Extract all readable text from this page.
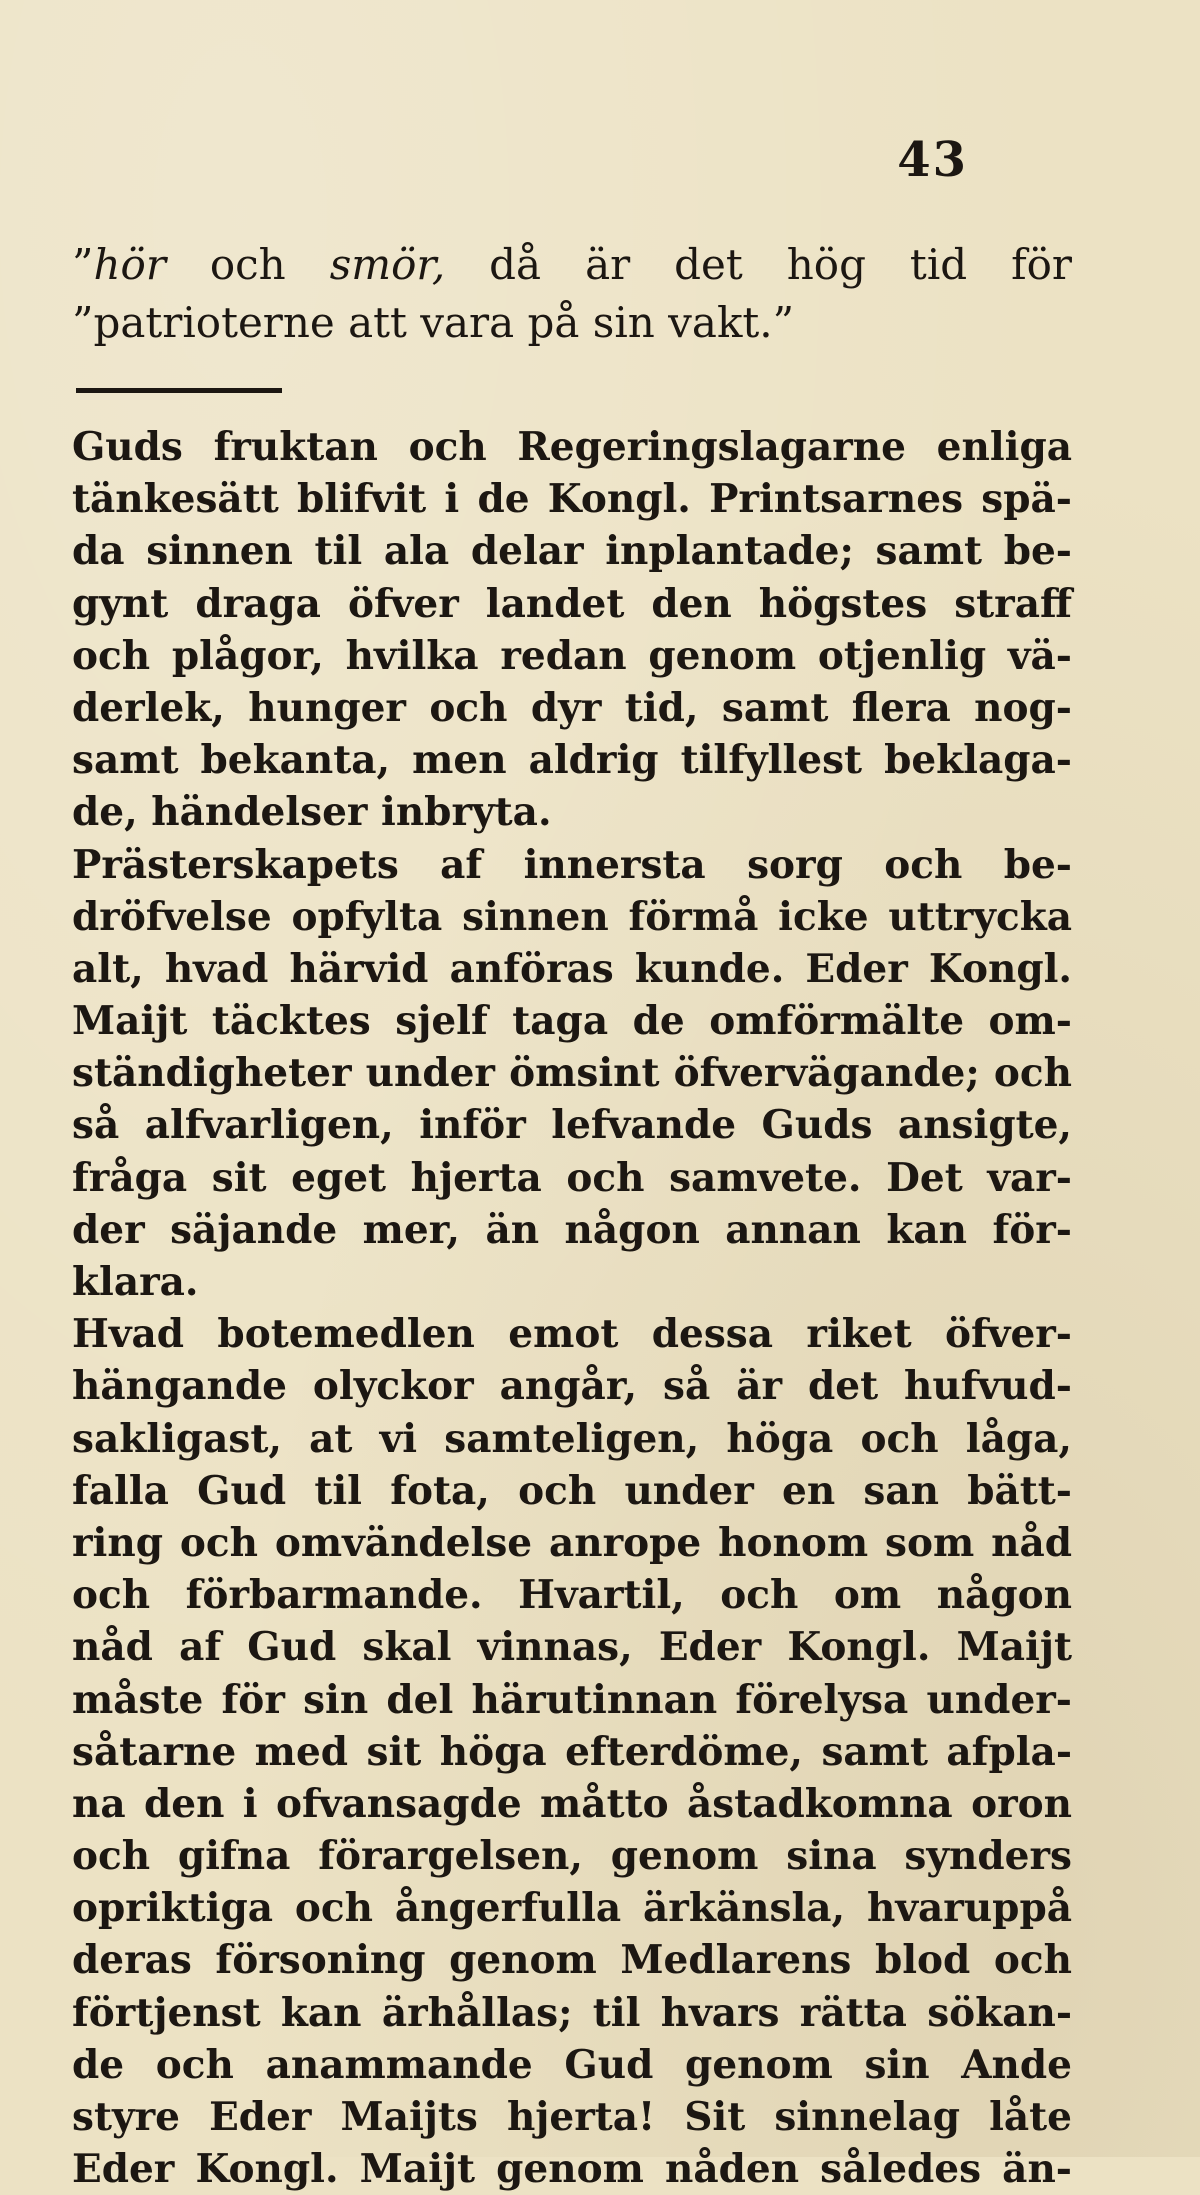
43
”hör och smör, då är det hög tid för
”patrioterne att vara på sin vakt.”
Guds fruktan och Regeringslagarne enliga
tänkesätt blifvit i de Kongl. Printsarnes spä-
da sinnen til ala delar inplantade; samt be-
gynt draga öfver landet den högstes straff
och plågor, hvilka redan genom otjenlig vä-
derlek, hunger och dyr tid, samt flera nog-
samt bekanta, men aldrig tilfyllest beklaga-
de, händelser inbryta.
Prästerskapets af innersta sorg och be-
dröfvelse opfylta sinnen förmå icke uttrycka
alt, hvad härvid anföras kunde. Eder Kongl.
Maijt täcktes sjelf taga de omförmälte om-
ständigheter under ömsint öfvervägande; och
så alfvarligen, inför lefvande Guds ansigte,
fråga sit eget hjerta och samvete. Det var-
der säjande mer, än någon annan kan för-
klara.
Hvad botemedlen emot dessa riket öfver-
hängande olyckor angår, så är det hufvud-
sakligast, at vi samteligen, höga och låga,
falla Gud til fota, och under en san bätt-
ring och omvändelse anrope honom som nåd
och förbarmande. Hvartil, och om någon
nåd af Gud skal vinnas, Eder Kongl. Maijt
måste för sin del härutinnan förelysa under-
såtarne med sit höga efterdöme, samt afpla-
na den i ofvansagde måtto åstadkomna oron
och gifna förargelsen, genom sina synders
opriktiga och ångerfulla ärkänsla, hvaruppå
deras försoning genom Medlarens blod och
förtjenst kan ärhållas; til hvars rätta sökan-
de och anammande Gud genom sin Ande
styre Eder Maijts hjerta! Sit sinnelag låte
Eder Kongl. Maijt genom nåden således än-
